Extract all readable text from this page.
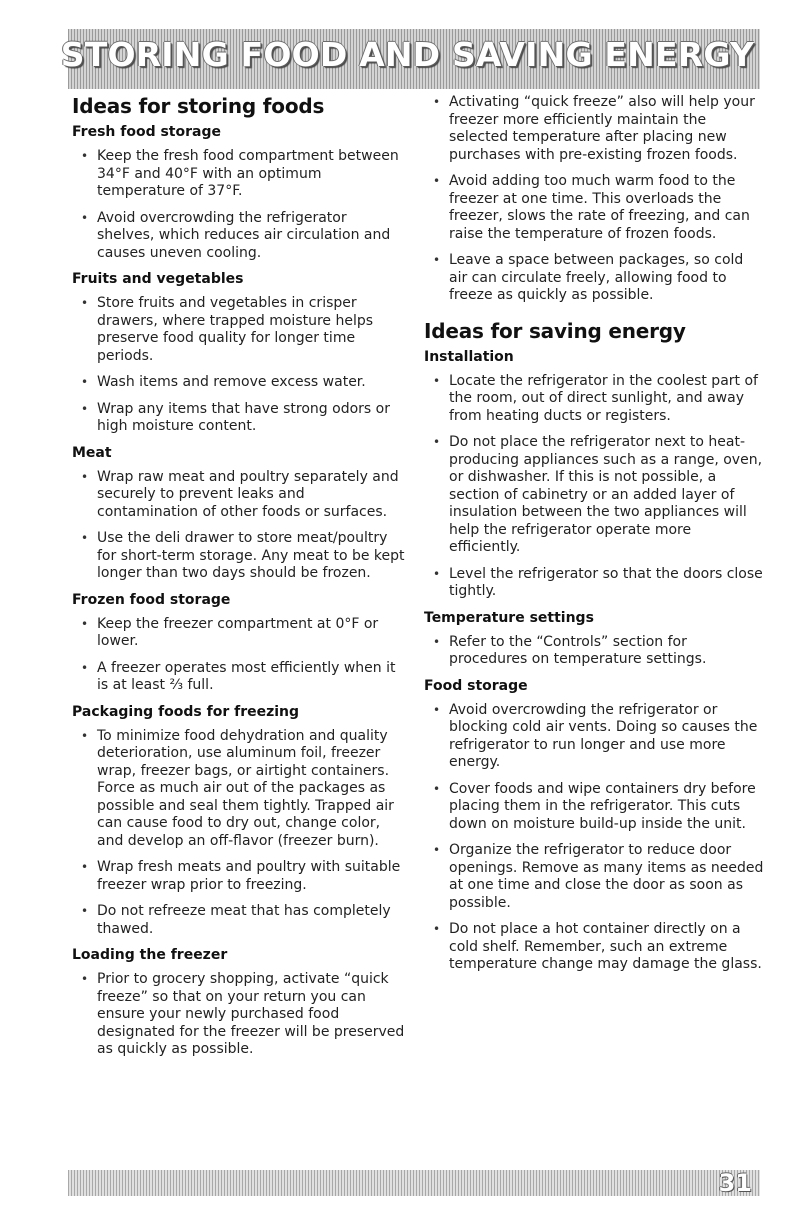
STORING FOOD AND SAVING ENERGY
Ideas for storing foods
Fresh food storage
• Keep the fresh food compartment between 34°F and 40°F with an optimum temperature of 37°F.
• Avoid overcrowding the refrigerator shelves, which reduces air circulation and causes uneven cooling.
Fruits and vegetables
• Store fruits and vegetables in crisper drawers, where trapped moisture helps preserve food quality for longer time periods.
• Wash items and remove excess water.
• Wrap any items that have strong odors or high moisture content.
Meat
• Wrap raw meat and poultry separately and securely to prevent leaks and contamination of other foods or surfaces.
• Use the deli drawer to store meat/poultry for short-term storage. Any meat to be kept longer than two days should be frozen.
Frozen food storage
• Keep the freezer compartment at 0°F or lower.
• A freezer operates most efficiently when it is at least ⅔ full.
Packaging foods for freezing
• To minimize food dehydration and quality deterioration, use aluminum foil, freezer wrap, freezer bags, or airtight containers. Force as much air out of the packages as possible and seal them tightly. Trapped air can cause food to dry out, change color, and develop an off-flavor (freezer burn).
• Wrap fresh meats and poultry with suitable freezer wrap prior to freezing.
• Do not refreeze meat that has completely thawed.
Loading the freezer
• Prior to grocery shopping, activate “quick freeze” so that on your return you can ensure your newly purchased food designated for the freezer will be preserved as quickly as possible.
• Activating “quick freeze” also will help your freezer more efficiently maintain the selected temperature after placing new purchases with pre-existing frozen foods.
• Avoid adding too much warm food to the freezer at one time. This overloads the freezer, slows the rate of freezing, and can raise the temperature of frozen foods.
• Leave a space between packages, so cold air can circulate freely, allowing food to freeze as quickly as possible.
Ideas for saving energy
Installation
• Locate the refrigerator in the coolest part of the room, out of direct sunlight, and away from heating ducts or registers.
• Do not place the refrigerator next to heat-producing appliances such as a range, oven, or dishwasher. If this is not possible, a section of cabinetry or an added layer of insulation between the two appliances will help the refrigerator operate more efficiently.
• Level the refrigerator so that the doors close tightly.
Temperature settings
• Refer to the “Controls” section for procedures on temperature settings.
Food storage
• Avoid overcrowding the refrigerator or blocking cold air vents. Doing so causes the refrigerator to run longer and use more energy.
• Cover foods and wipe containers dry before placing them in the refrigerator. This cuts down on moisture build-up inside the unit.
• Organize the refrigerator to reduce door openings. Remove as many items as needed at one time and close the door as soon as possible.
• Do not place a hot container directly on a cold shelf. Remember, such an extreme temperature change may damage the glass.
31
